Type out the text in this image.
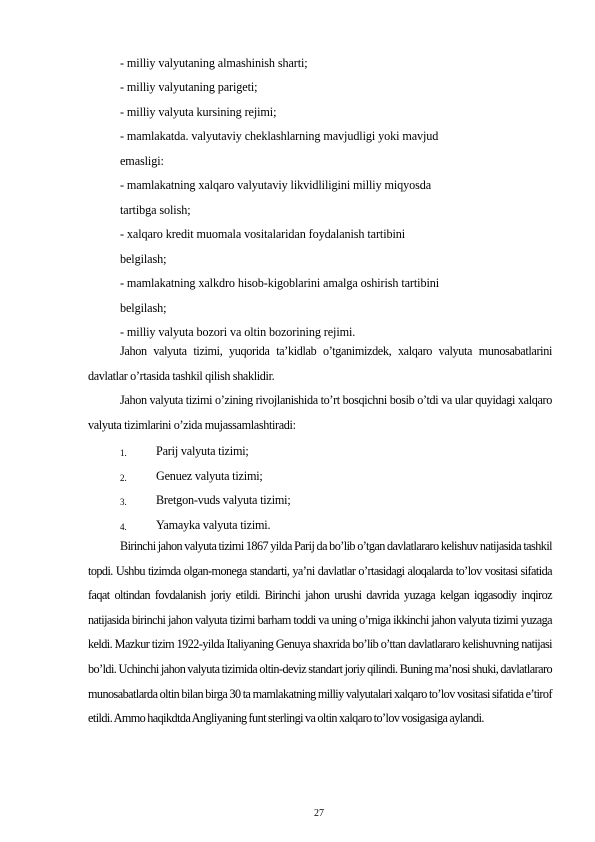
- milliy valyutaning almashinish sharti;
- milliy valyutaning parigeti;
- milliy valyuta kursining rejimi;
- mamlakatda. valyutaviy cheklashlarning mavjudligi yoki mavjud
emasligi:
- mamlakatning xalqaro valyutaviy likvidliligini milliy miqyosda
tartibga solish;
- xalqaro kredit muomala vositalaridan foydalanish tartibini
belgilash;
- mamlakatning xalkdro hisob-kigoblarini amalga oshirish tartibini
belgilash;
- milliy valyuta bozori va oltin bozorining rejimi.
Jahon valyuta tizimi, yuqorida ta’kidlab o’tganimizdek, xalqaro valyuta munosabatlarini davlatlar o’rtasida tashkil qilish shaklidir.
Jahon valyuta tizimi o’zining rivojlanishida to’rt bosqichni bosib o’tdi va ular quyidagi xalqaro valyuta tizimlarini o’zida mujassamlashtiradi:
1. Parij valyuta tizimi;
2. Genuez valyuta tizimi;
3. Bretgon-vuds valyuta tizimi;
4. Yamayka valyuta tizimi.
Birinchi jahon valyuta tizimi 1867 yilda Parij da bo’lib o’tgan davlatlararo kelishuv natijasida tashkil topdi. Ushbu tizimda olgan-monega standarti, ya’ni davlatlar o’rtasidagi aloqalarda to’lov vositasi sifatida faqat oltindan fovdalanish joriy etildi. Birinchi jahon urushi davrida yuzaga kelgan iqgasodiy inqiroz natijasida birinchi jahon valyuta tizimi barham toddi va uning o’rniga ikkinchi jahon valyuta tizimi yuzaga keldi. Mazkur tizim 1922-yilda Italiyaning Genuya shaxrida bo’lib o’ttan davlatlararo kelishuvning natijasi bo’ldi. Uchinchi jahon valyuta tizimida oltin-deviz standart joriy qilindi. Buning ma’nosi shuki, davlatlararo munosabatlarda oltin bilan birga 30 ta mamlakatning milliy valyutalari xalqaro to’lov vositasi sifatida e’tirof etildi. Ammo haqikdtda Angliyaning funt sterlingi va oltin xalqaro to’lov vosigasiga aylandi.
27
